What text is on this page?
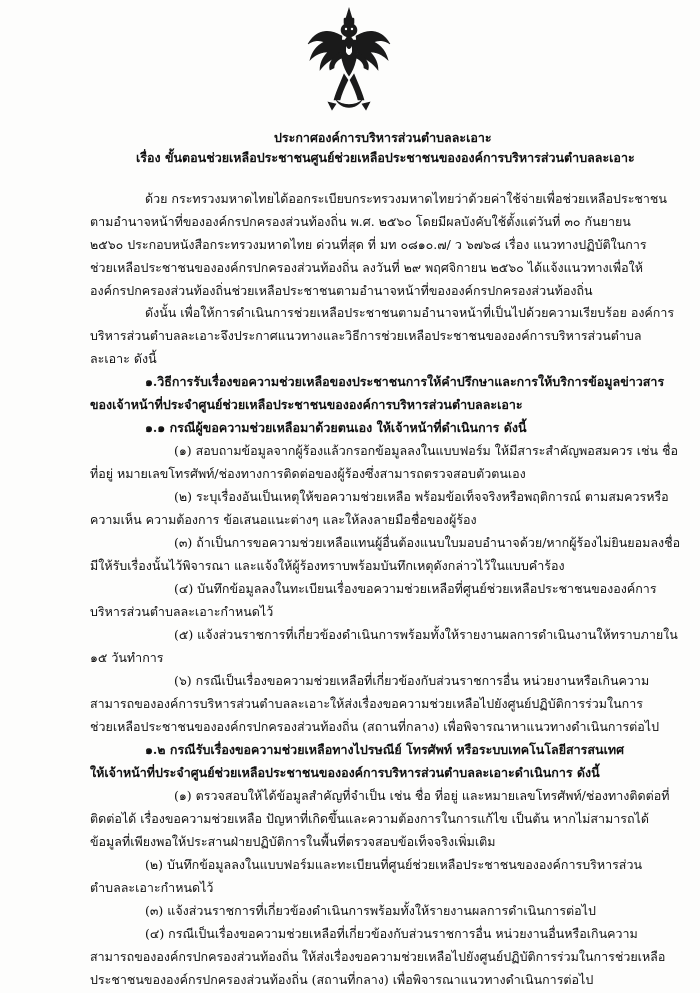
ประกาศองค์การบริหารส่วนตำบลละเอาะ
เรื่อง ขั้นตอนช่วยเหลือประชาชนศูนย์ช่วยเหลือประชาชนขององค์การบริหารส่วนตำบลละเอาะ
ด้วย กระทรวงมหาดไทยได้ออกระเบียบกระทรวงมหาดไทยว่าด้วยค่าใช้จ่ายเพื่อช่วยเหลือประชาชน
ตามอำนาจหน้าที่ขององค์กรปกครองส่วนท้องถิ่น พ.ศ. ๒๕๖๐ โดยมีผลบังคับใช้ตั้งแต่วันที่ ๓๐ กันยายน
๒๕๖๐ ประกอบหนังสือกระทรวงมหาดไทย ด่วนที่สุด ที่ มท ๐๘๑๐.๗/ ว ๖๗๖๘ เรื่อง แนวทางปฏิบัติในการ
ช่วยเหลือประชาชนขององค์กรปกครองส่วนท้องถิ่น ลงวันที่ ๒๙ พฤศจิกายน ๒๕๖๐ ได้แจ้งแนวทางเพื่อให้
องค์กรปกครองส่วนท้องถิ่นช่วยเหลือประชาชนตามอำนาจหน้าที่ขององค์กรปกครองส่วนท้องถิ่น
ดังนั้น เพื่อให้การดำเนินการช่วยเหลือประชาชนตามอำนาจหน้าที่เป็นไปด้วยความเรียบร้อย องค์การ
บริหารส่วนตำบลละเอาะจึงประกาศแนวทางและวิธีการช่วยเหลือประชาชนขององค์การบริหารส่วนตำบล
ละเอาะ ดังนี้
๑.วิธีการรับเรื่องขอความช่วยเหลือของประชาชนการให้คำปรึกษาและการให้บริการข้อมูลข่าวสาร
ของเจ้าหน้าที่ประจำศูนย์ช่วยเหลือประชาชนขององค์การบริหารส่วนตำบลละเอาะ
๑.๑ กรณีผู้ขอความช่วยเหลือมาด้วยตนเอง ให้เจ้าหน้าที่ดำเนินการ ดังนี้
(๑) สอบถามข้อมูลจากผู้ร้องแล้วกรอกข้อมูลลงในแบบฟอร์ม ให้มีสาระสำคัญพอสมควร เช่น ชื่อ
ที่อยู่ หมายเลขโทรศัพท์/ช่องทางการติดต่อของผู้ร้องซึ่งสามารถตรวจสอบตัวตนเอง
(๒) ระบุเรื่องอันเป็นเหตุให้ขอความช่วยเหลือ พร้อมข้อเท็จจริงหรือพฤติการณ์ ตามสมควรหรือ
ความเห็น ความต้องการ ข้อเสนอแนะต่างๆ และให้ลงลายมือชื่อของผู้ร้อง
(๓) ถ้าเป็นการขอความช่วยเหลือแทนผู้อื่นต้องแนบใบมอบอำนาจด้วย/หากผู้ร้องไม่ยินยอมลงชื่อ
มีให้รับเรื่องนั้นไว้พิจารณา และแจ้งให้ผู้ร้องทราบพร้อมบันทึกเหตุดังกล่าวไว้ในแบบคำร้อง
(๔) บันทึกข้อมูลลงในทะเบียนเรื่องขอความช่วยเหลือที่ศูนย์ช่วยเหลือประชาชนขององค์การ
บริหารส่วนตำบลละเอาะกำหนดไว้
(๕) แจ้งส่วนราชการที่เกี่ยวข้องดำเนินการพร้อมทั้งให้รายงานผลการดำเนินงานให้ทราบภายใน
๑๕ วันทำการ
(๖) กรณีเป็นเรื่องขอความช่วยเหลือที่เกี่ยวข้องกับส่วนราชการอื่น หน่วยงานหรือเกินความ
สามารถขององค์การบริหารส่วนตำบลละเอาะให้ส่งเรื่องขอความช่วยเหลือไปยังศูนย์ปฏิบัติการร่วมในการ
ช่วยเหลือประชาชนขององค์กรปกครองส่วนท้องถิ่น (สถานที่กลาง) เพื่อพิจารณาหาแนวทางดำเนินการต่อไป
๑.๒ กรณีรับเรื่องขอความช่วยเหลือทางไปรษณีย์ โทรศัพท์ หรือระบบเทคโนโลยีสารสนเทศ
ให้เจ้าหน้าที่ประจำศูนย์ช่วยเหลือประชาชนขององค์การบริหารส่วนตำบลละเอาะดำเนินการ ดังนี้
(๑) ตรวจสอบให้ได้ข้อมูลสำคัญที่จำเป็น เช่น ชื่อ ที่อยู่ และหมายเลขโทรศัพท์/ช่องทางติดต่อที่
ติดต่อได้ เรื่องขอความช่วยเหลือ ปัญหาที่เกิดขึ้นและความต้องการในการแก้ไข เป็นต้น หากไม่สามารถได้
ข้อมูลที่เพียงพอให้ประสานฝ่ายปฏิบัติการในพื้นที่ตรวจสอบข้อเท็จจริงเพิ่มเติม
(๒) บันทึกข้อมูลลงในแบบฟอร์มและทะเบียนที่ศูนย์ช่วยเหลือประชาชนขององค์การบริหารส่วน
ตำบลละเอาะกำหนดไว้
(๓) แจ้งส่วนราชการที่เกี่ยวข้องดำเนินการพร้อมทั้งให้รายงานผลการดำเนินการต่อไป
(๔) กรณีเป็นเรื่องขอความช่วยเหลือที่เกี่ยวข้องกับส่วนราชการอื่น หน่วยงานอื่นหรือเกินความ
สามารถขององค์กรปกครองส่วนท้องถิ่น ให้ส่งเรื่องขอความช่วยเหลือไปยังศูนย์ปฏิบัติการร่วมในการช่วยเหลือ
ประชาชนขององค์กรปกครองส่วนท้องถิ่น (สถานที่กลาง) เพื่อพิจารณาแนวทางดำเนินการต่อไป
